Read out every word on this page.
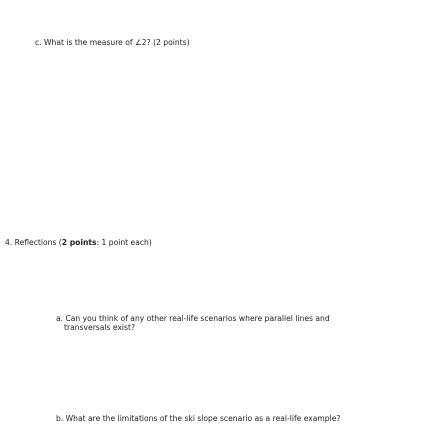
c. What is the measure of ∠2? (2 points)
4. Reflections (2 points: 1 point each)
a. Can you think of any other real-life scenarios where parallel lines and
transversals exist?
b. What are the limitations of the ski slope scenario as a real-life example?
